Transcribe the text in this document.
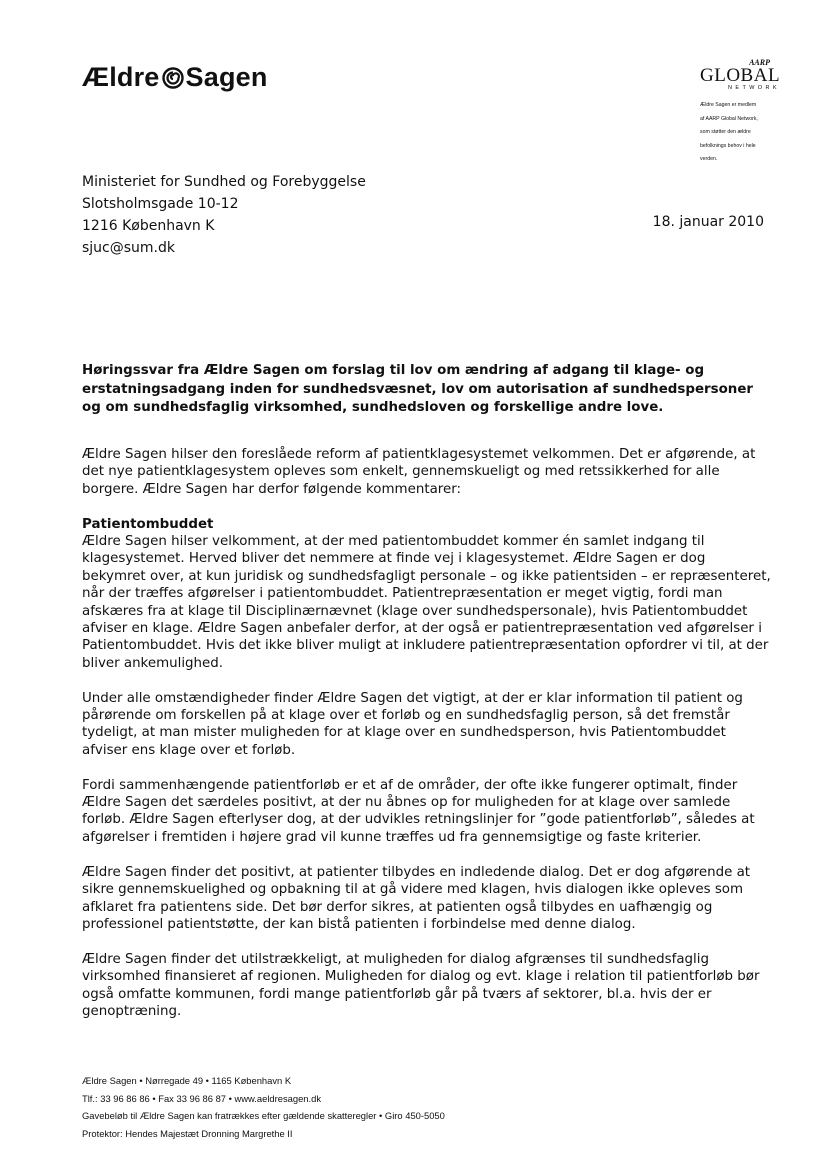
Ældre Sagen	AARP
GLOBAL
NETWORK
Ældre Sagen er medlem
af AARP Global Network,
som støtter den ældre
befolknings behov i hele
verden.
Ministeriet for Sundhed og Forebyggelse
Slotsholmsgade 10-12
1216 København K
sjuc@sum.dk
18. januar 2010
Høringssvar fra Ældre Sagen om forslag til lov om ændring af adgang til klage- og erstatningsadgang inden for sundhedsvæsnet, lov om autorisation af sundhedspersoner og om sundhedsfaglig virksomhed, sundhedsloven og forskellige andre love.

Ældre Sagen hilser den foreslåede reform af patientklagesystemet velkommen. Det er afgørende, at det nye patientklagesystem opleves som enkelt, gennemskueligt og med retssikkerhed for alle borgere. Ældre Sagen har derfor følgende kommentarer:

Patientombuddet

Ældre Sagen hilser velkomment, at der med patientombuddet kommer én samlet indgang til klagesystemet. Herved bliver det nemmere at finde vej i klagesystemet. Ældre Sagen er dog bekymret over, at kun juridisk og sundhedsfagligt personale – og ikke patientsiden – er repræsenteret, når der træffes afgørelser i patientombuddet. Patientrepræsentation er meget vigtig, fordi man afskæres fra at klage til Disciplinærnævnet (klage over sundhedspersonale), hvis Patientombuddet afviser en klage. Ældre Sagen anbefaler derfor, at der også er patientrepræsentation ved afgørelser i Patientombuddet. Hvis det ikke bliver muligt at inkludere patientrepræsentation opfordrer vi til, at der bliver ankemulighed.

Under alle omstændigheder finder Ældre Sagen det vigtigt, at der er klar information til patient og pårørende om forskellen på at klage over et forløb og en sundhedsfaglig person, så det fremstår tydeligt, at man mister muligheden for at klage over en sundhedsperson, hvis Patientombuddet afviser ens klage over et forløb.

Fordi sammenhængende patientforløb er et af de områder, der ofte ikke fungerer optimalt, finder Ældre Sagen det særdeles positivt, at der nu åbnes op for muligheden for at klage over samlede forløb. Ældre Sagen efterlyser dog, at der udvikles retningslinjer for ”gode patientforløb”, således at afgørelser i fremtiden i højere grad vil kunne træffes ud fra gennemsigtige og faste kriterier.

Ældre Sagen finder det positivt, at patienter tilbydes en indledende dialog. Det er dog afgørende at sikre gennemskuelighed og opbakning til at gå videre med klagen, hvis dialogen ikke opleves som afklaret fra patientens side. Det bør derfor sikres, at patienten også tilbydes en uafhængig og professionel patientstøtte, der kan bistå patienten i forbindelse med denne dialog.

Ældre Sagen finder det utilstrækkeligt, at muligheden for dialog afgrænses til sundhedsfaglig virksomhed finansieret af regionen. Muligheden for dialog og evt. klage i relation til patientforløb bør også omfatte kommunen, fordi mange patientforløb går på tværs af sektorer, bl.a. hvis der er genoptræning.

Ældre Sagen • Nørregade 49 • 1165 København K
Tlf.: 33 96 86 86 • Fax 33 96 86 87 • www.aeldresagen.dk
Gavebeløb til Ældre Sagen kan fratrækkes efter gældende skatteregler • Giro 450-5050
Protektor: Hendes Majestæt Dronning Margrethe II
